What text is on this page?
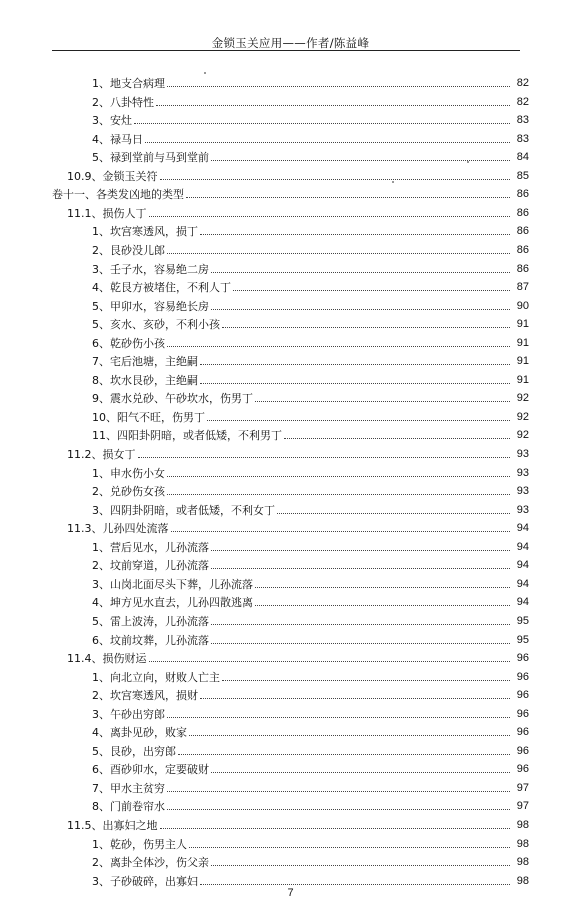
金锁玉关应用——作者/陈益峰
1、地支合病理	82
2、八卦特性	82
3、安灶	83
4、禄马日	83
5、禄到堂前与马到堂前	84
10.9、金锁玉关符	85
卷十一、各类发凶地的类型	86
11.1、损伤人丁	86
1、坎宫寒透风，损丁	86
2、艮砂没儿郎	86
3、壬子水，容易绝二房	86
4、乾艮方被堵住，不利人丁	87
5、甲卯水，容易绝长房	90
5、亥水、亥砂，不利小孩	91
6、乾砂伤小孩	91
7、宅后池塘，主绝嗣	91
8、坎水艮砂，主绝嗣	91
9、震水兑砂、午砂坎水，伤男丁	92
10、阳气不旺，伤男丁	92
11、四阳卦阴暗，或者低矮，不利男丁	92
11.2、损女丁	93
1、申水伤小女	93
2、兑砂伤女孩	93
3、四阴卦阴暗，或者低矮，不利女丁	93
11.3、儿孙四处流落	94
1、营后见水，儿孙流落	94
2、坟前穿道，儿孙流落	94
3、山岗北面尽头下葬，儿孙流落	94
4、坤方见水直去，儿孙四散逃离	94
5、雷上波涛，儿孙流落	95
6、坟前坟葬，儿孙流落	95
11.4、损伤财运	96
1、向北立向，财败人亡主	96
2、坎宫寒透风，损财	96
3、午砂出穷郎	96
4、离卦见砂，败家	96
5、艮砂，出穷郎	96
6、酉砂卯水，定要破财	96
7、甲水主贫穷	97
8、门前卷帘水	97
11.5、出寡妇之地	98
1、乾砂，伤男主人	98
2、离卦全体沙，伤父亲	98
3、子砂破碎，出寡妇	98
7
